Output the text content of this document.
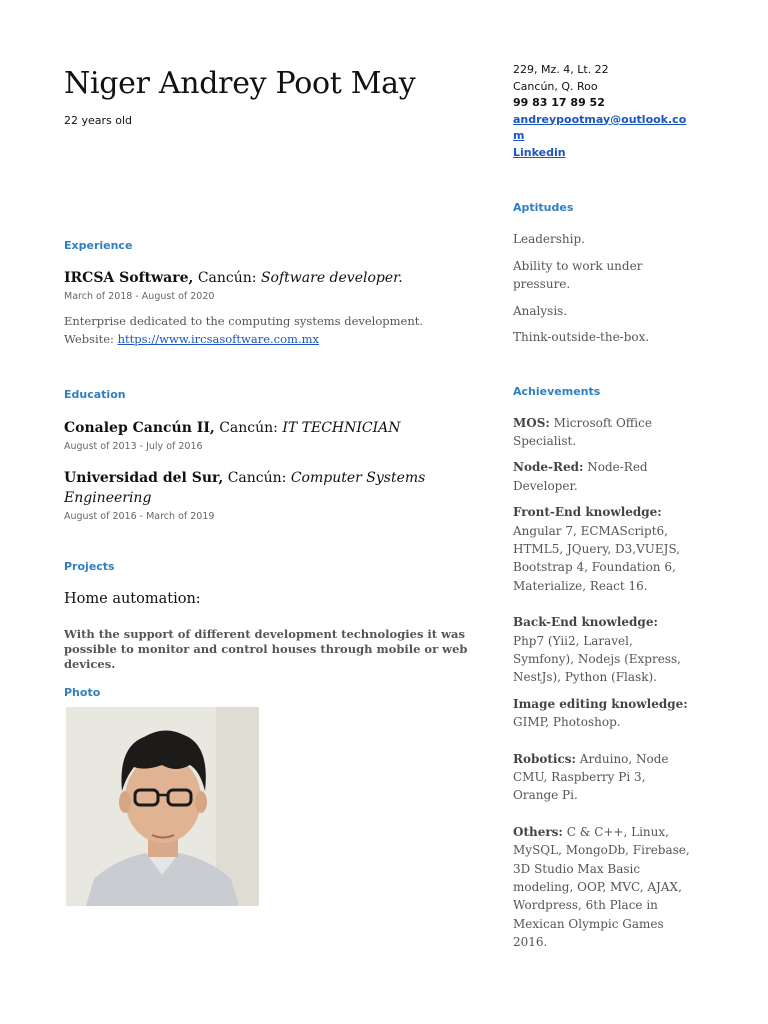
Niger Andrey Poot May
22 years old
Experience

IRCSA Software, Cancún: Software developer.

March of 2018 - August of 2020
Enterprise dedicated to the computing systems development.
Website: https://www.ircsasoftware.com.mx
Education

Conalep Cancún II, Cancún: IT TECHNICIAN

August of 2013 - July of 2016

Universidad del Sur, Cancún: Computer Systems Engineering

August of 2016 - March of 2019
Projects

Home automation:

With the support of different development technologies it was possible to monitor and control houses through mobile or web devices.
Photo
229, Mz. 4, Lt. 22
Cancún, Q. Roo
99 83 17 89 52
andreypootmay@outlook.com
Linkedin
Aptitudes
Leadership.
Ability to work under pressure.
Analysis.
Think-outside-the-box.
Achievements
MOS: Microsoft Office Specialist.
Node-Red: Node-Red Developer.
Front-End knowledge:
Angular 7, ECMAScript6, HTML5, JQuery, D3,VUEJS, Bootstrap 4, Foundation 6, Materialize, React 16.
Back-End knowledge: Php7 (Yii2, Laravel, Symfony), Nodejs (Express, NestJs), Python (Flask).
Image editing knowledge:
GIMP, Photoshop.
Robotics: Arduino, Node CMU, Raspberry Pi 3, Orange Pi.
Others: C & C++, Linux, MySQL, MongoDb, Firebase, 3D Studio Max Basic modeling, OOP, MVC, AJAX, Wordpress, 6th Place in Mexican Olympic Games 2016.
